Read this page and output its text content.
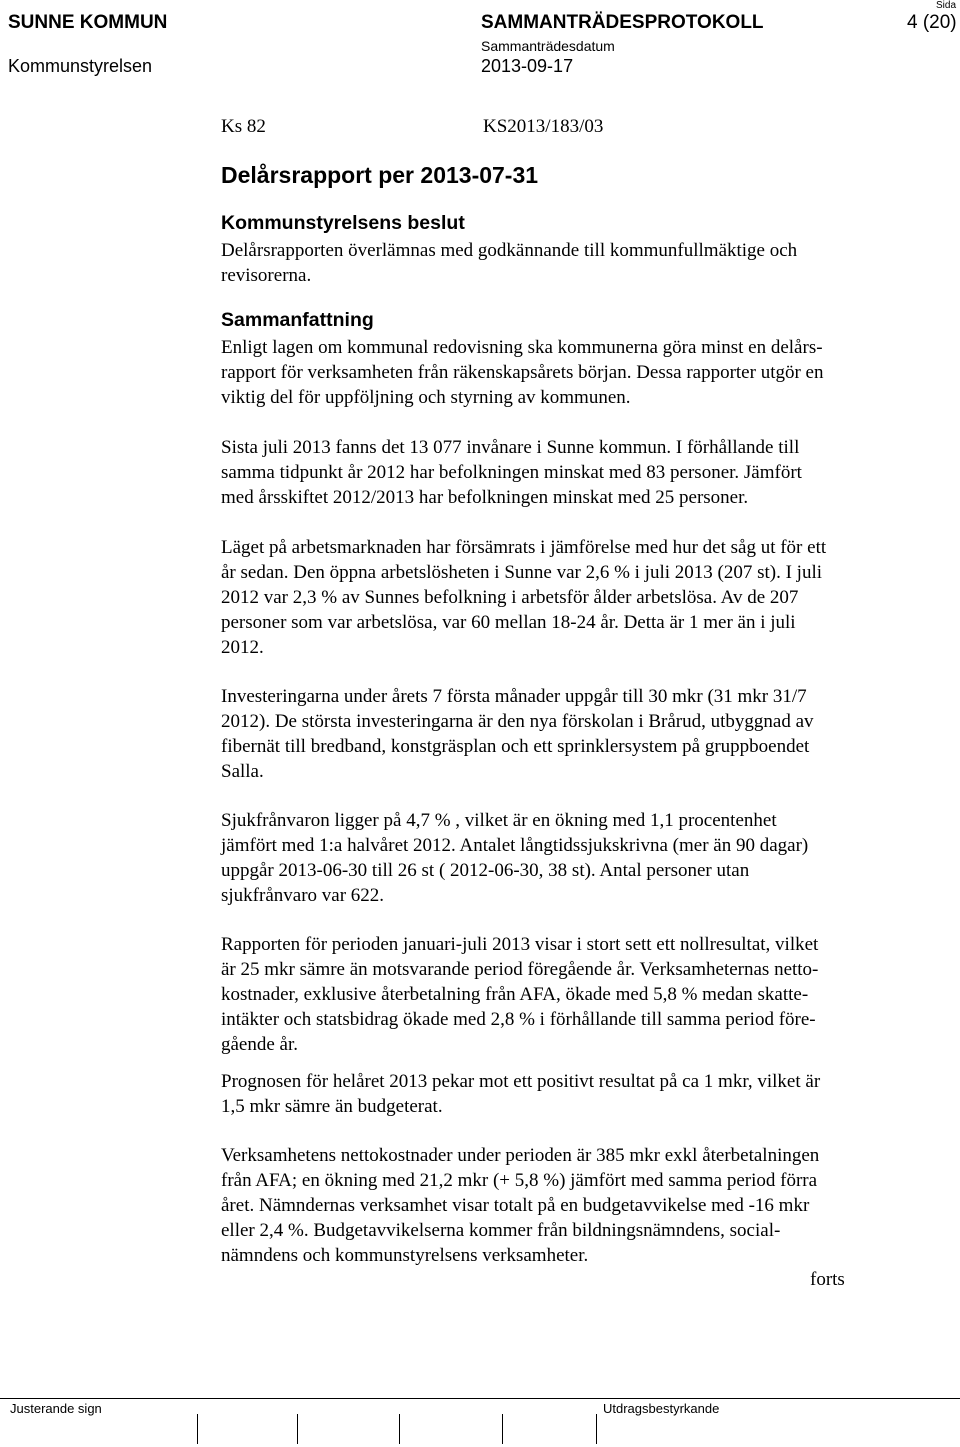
SUNNE KOMMUN
Kommunstyrelsen
SAMMANTRÄDESPROTOKOLL
Sammanträdesdatum
2013-09-17
Sida
4 (20)
Ks 82	KS2013/183/03
Delårsrapport per 2013-07-31
Kommunstyrelsens beslut
Delårsrapporten överlämnas med godkännande till kommunfullmäktige och
revisorerna.
Sammanfattning
Enligt lagen om kommunal redovisning ska kommunerna göra minst en delårs-
rapport för verksamheten från räkenskapsårets början. Dessa rapporter utgör en
viktig del för uppföljning och styrning av kommunen.
Sista juli 2013 fanns det 13 077 invånare i Sunne kommun. I förhållande till
samma tidpunkt år 2012 har befolkningen minskat med 83 personer. Jämfört
med årsskiftet 2012/2013 har befolkningen minskat med 25 personer.
Läget på arbetsmarknaden har försämrats i jämförelse med hur det såg ut för ett
år sedan. Den öppna arbetslösheten i Sunne var 2,6 % i juli 2013 (207 st). I juli
2012 var 2,3 % av Sunnes befolkning i arbetsför ålder arbetslösa. Av de 207
personer som var arbetslösa, var 60 mellan 18-24 år. Detta är 1 mer än i juli
2012.
Investeringarna under årets 7 första månader uppgår till 30 mkr (31 mkr 31/7
2012). De största investeringarna är den nya förskolan i Brårud, utbyggnad av
fibernät till bredband, konstgräsplan och ett sprinklersystem på gruppboendet
Salla.
Sjukfrånvaron ligger på 4,7 % , vilket är en ökning med 1,1 procentenhet
jämfört med 1:a halvåret 2012. Antalet långtidssjukskrivna (mer än 90 dagar)
uppgår 2013-06-30 till 26 st ( 2012-06-30, 38 st). Antal personer utan
sjukfrånvaro var 622.
Rapporten för perioden januari-juli 2013 visar i stort sett ett nollresultat, vilket
är 25 mkr sämre än motsvarande period föregående år. Verksamheternas netto-
kostnader, exklusive återbetalning från AFA, ökade med 5,8 % medan skatte-
intäkter och statsbidrag ökade med 2,8 % i förhållande till samma period före-
gående år.
Prognosen för helåret 2013 pekar mot ett positivt resultat på ca 1 mkr, vilket är
1,5 mkr sämre än budgeterat.
Verksamhetens nettokostnader under perioden är 385 mkr exkl återbetalningen
från AFA; en ökning med 21,2 mkr (+ 5,8 %) jämfört med samma period förra
året. Nämndernas verksamhet visar totalt på en budgetavvikelse med -16 mkr
eller 2,4 %. Budgetavvikelserna kommer från bildningsnämndens, social-
nämndens och kommunstyrelsens verksamheter.
forts
Justerande sign	Utdragsbestyrkande
